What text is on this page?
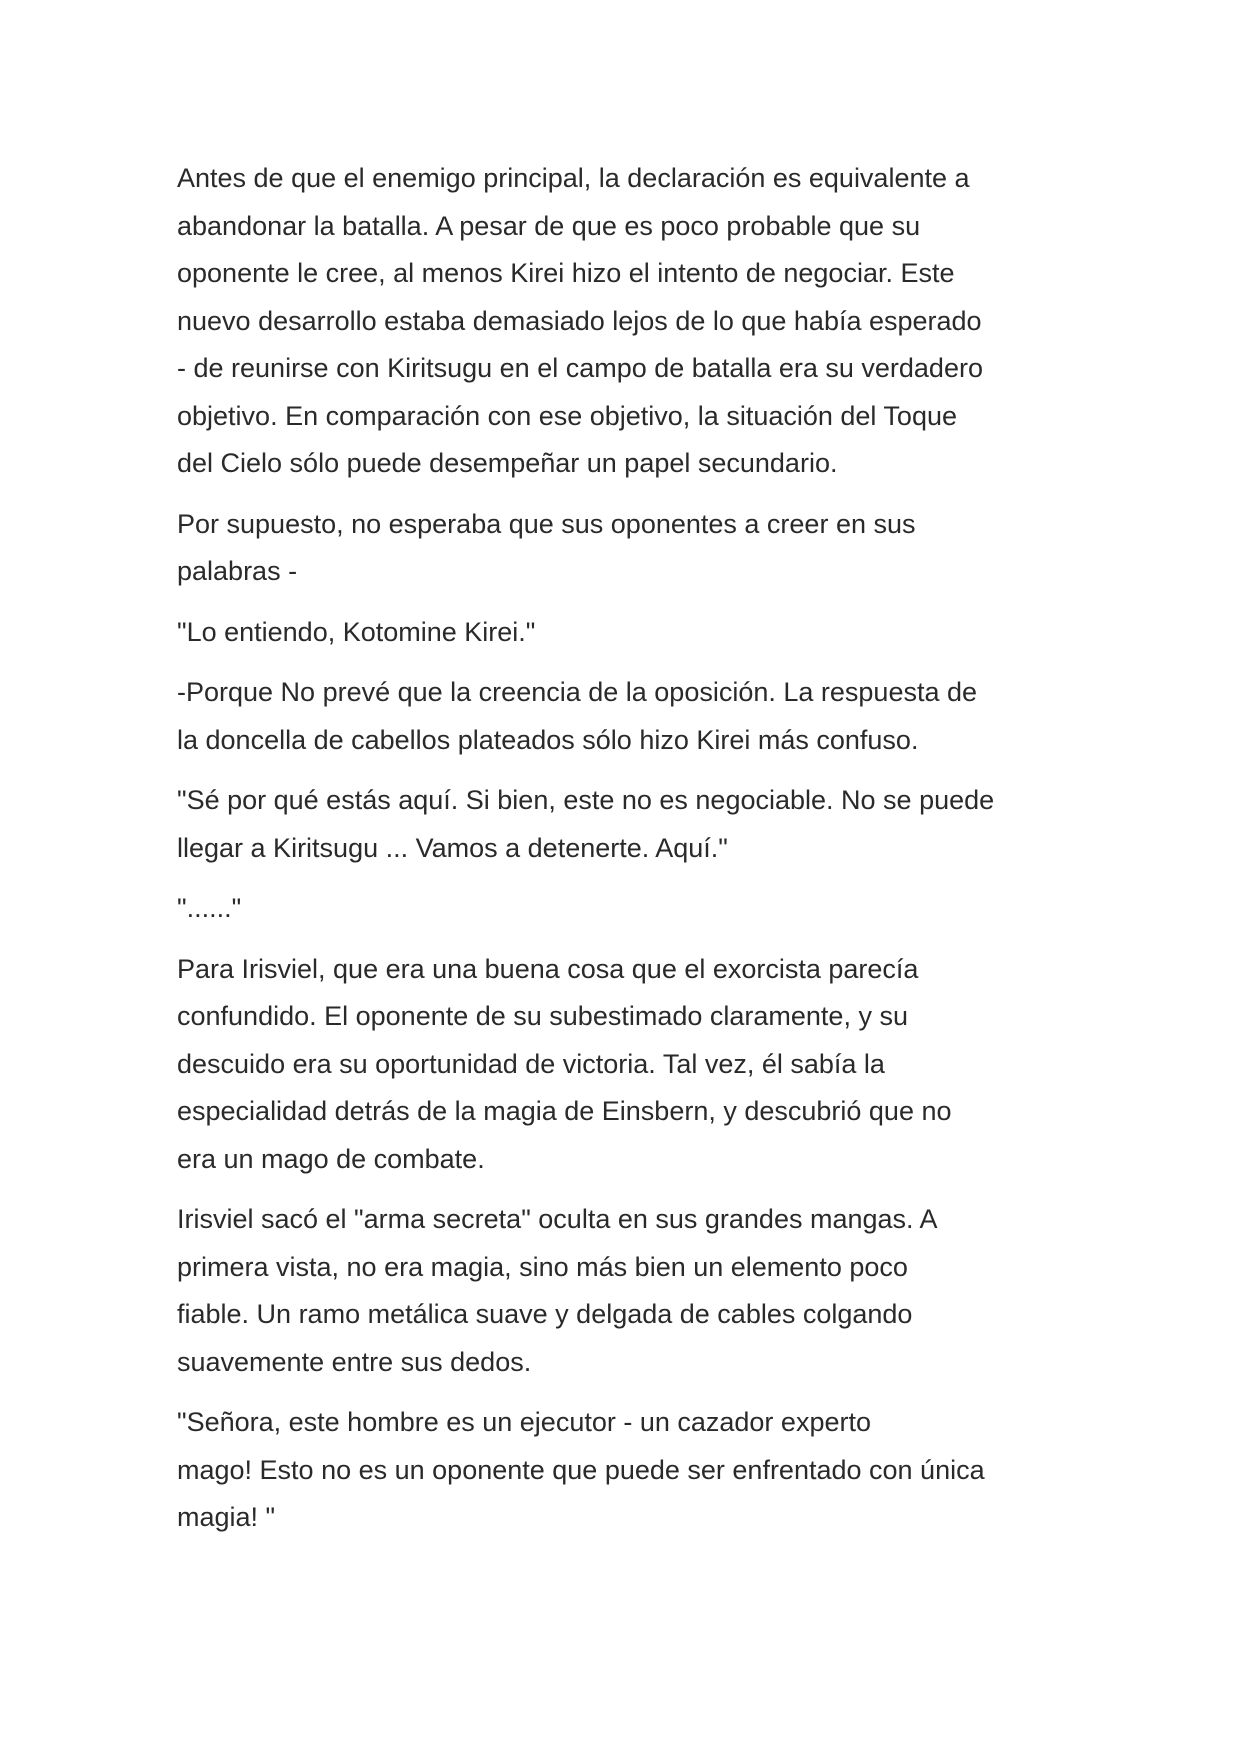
Antes de que el enemigo principal, la declaración es equivalente a
abandonar la batalla. A pesar de que es poco probable que su
oponente le cree, al menos Kirei hizo el intento de negociar. Este
nuevo desarrollo estaba demasiado lejos de lo que había esperado
- de reunirse con Kiritsugu en el campo de batalla era su verdadero
objetivo. En comparación con ese objetivo, la situación del Toque
del Cielo sólo puede desempeñar un papel secundario.

Por supuesto, no esperaba que sus oponentes a creer en sus
palabras -

"Lo entiendo, Kotomine Kirei."

-Porque No prevé que la creencia de la oposición. La respuesta de
la doncella de cabellos plateados sólo hizo Kirei más confuso.

"Sé por qué estás aquí. Si bien, este no es negociable. No se puede
llegar a Kiritsugu ... Vamos a detenerte. Aquí."

"......"

Para Irisviel, que era una buena cosa que el exorcista parecía
confundido. El oponente de su subestimado claramente, y su
descuido era su oportunidad de victoria. Tal vez, él sabía la
especialidad detrás de la magia de Einsbern, y descubrió que no
era un mago de combate.

Irisviel sacó el "arma secreta" oculta en sus grandes mangas. A
primera vista, no era magia, sino más bien un elemento poco
fiable. Un ramo metálica suave y delgada de cables colgando
suavemente entre sus dedos.

"Señora, este hombre es un ejecutor - un cazador experto
mago! Esto no es un oponente que puede ser enfrentado con única
magia! "
